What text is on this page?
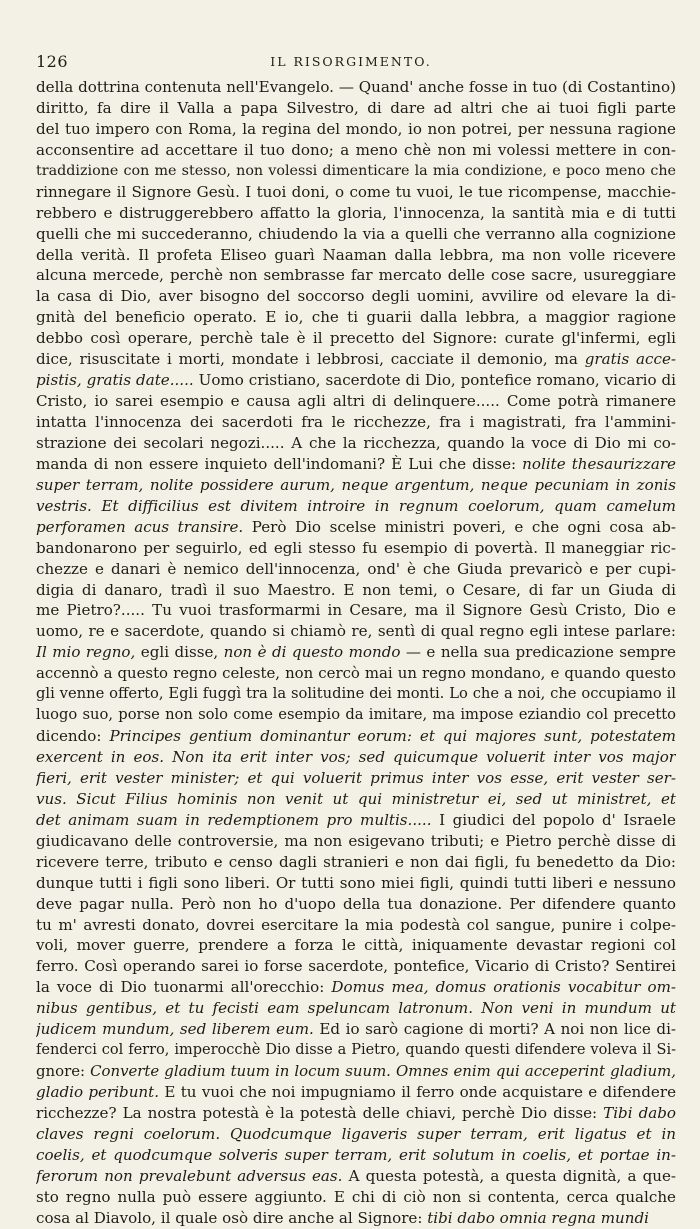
126	IL RISORGIMENTO.
della dottrina contenuta nell'Evangelo. — Quand' anche fosse in tuo (di Costantino)
diritto, fa dire il Valla a papa Silvestro, di dare ad altri che ai tuoi figli parte
del tuo impero con Roma, la regina del mondo, io non potrei, per nessuna ragione
acconsentire ad accettare il tuo dono; a meno chè non mi volessi mettere in con-
traddizione con me stesso, non volessi dimenticare la mia condizione, e poco meno che
rinnegare il Signore Gesù. I tuoi doni, o come tu vuoi, le tue ricompense, macchie-
rebbero e distruggerebbero affatto la gloria, l'innocenza, la santità mia e di tutti
quelli che mi succederanno, chiudendo la via a quelli che verranno alla cognizione
della verità. Il profeta Eliseo guarì Naaman dalla lebbra, ma non volle ricevere
alcuna mercede, perchè non sembrasse far mercato delle cose sacre, usureggiare
la casa di Dio, aver bisogno del soccorso degli uomini, avvilire od elevare la di-
gnità del beneficio operato. E io, che ti guarii dalla lebbra, a maggior ragione
debbo così operare, perchè tale è il precetto del Signore: curate gl'infermi, egli
dice, risuscitate i morti, mondate i lebbrosi, cacciate il demonio, ma gratis acce-
pistis, gratis date..... Uomo cristiano, sacerdote di Dio, pontefice romano, vicario di
Cristo, io sarei esempio e causa agli altri di delinquere..... Come potrà rimanere
intatta l'innocenza dei sacerdoti fra le ricchezze, fra i magistrati, fra l'ammini-
strazione dei secolari negozi..... A che la ricchezza, quando la voce di Dio mi co-
manda di non essere inquieto dell'indomani? È Lui che disse: nolite thesaurizzare
super terram, nolite possidere aurum, neque argentum, neque pecuniam in zonis
vestris. Et difficilius est divitem introire in regnum coelorum, quam camelum
perforamen acus transire. Però Dio scelse ministri poveri, e che ogni cosa ab-
bandonarono per seguirlo, ed egli stesso fu esempio di povertà. Il maneggiar ric-
chezze e danari è nemico dell'innocenza, ond' è che Giuda prevaricò e per cupi-
digia di danaro, tradì il suo Maestro. E non temi, o Cesare, di far un Giuda di
me Pietro?..... Tu vuoi trasformarmi in Cesare, ma il Signore Gesù Cristo, Dio e
uomo, re e sacerdote, quando si chiamò re, sentì di qual regno egli intese parlare:
Il mio regno, egli disse, non è di questo mondo — e nella sua predicazione sempre
accennò a questo regno celeste, non cercò mai un regno mondano, e quando questo
gli venne offerto, Egli fuggì tra la solitudine dei monti. Lo che a noi, che occupiamo il
luogo suo, porse non solo come esempio da imitare, ma impose eziandio col precetto
dicendo: Principes gentium dominantur eorum: et qui majores sunt, potestatem
exercent in eos. Non ita erit inter vos; sed quicumque voluerit inter vos major
fieri, erit vester minister; et qui voluerit primus inter vos esse, erit vester ser-
vus. Sicut Filius hominis non venit ut qui ministretur ei, sed ut ministret, et
det animam suam in redemptionem pro multis..... I giudici del popolo d' Israele
giudicavano delle controversie, ma non esigevano tributi; e Pietro perchè disse di
ricevere terre, tributo e censo dagli stranieri e non dai figli, fu benedetto da Dio:
dunque tutti i figli sono liberi. Or tutti sono miei figli, quindi tutti liberi e nessuno
deve pagar nulla. Però non ho d'uopo della tua donazione. Per difendere quanto
tu m' avresti donato, dovrei esercitare la mia podestà col sangue, punire i colpe-
voli, mover guerre, prendere a forza le città, iniquamente devastar regioni col
ferro. Così operando sarei io forse sacerdote, pontefice, Vicario di Cristo? Sentirei
la voce di Dio tuonarmi all'orecchio: Domus mea, domus orationis vocabitur om-
nibus gentibus, et tu fecisti eam speluncam latronum. Non veni in mundum ut
judicem mundum, sed liberem eum. Ed io sarò cagione di morti? A noi non lice di-
fenderci col ferro, imperocchè Dio disse a Pietro, quando questi difendere voleva il Si-
gnore: Converte gladium tuum in locum suum. Omnes enim qui acceperint gladium,
gladio peribunt. E tu vuoi che noi impugniamo il ferro onde acquistare e difendere
ricchezze? La nostra potestà è la potestà delle chiavi, perchè Dio disse: Tibi dabo
claves regni coelorum. Quodcumque ligaveris super terram, erit ligatus et in
coelis, et quodcumque solveris super terram, erit solutum in coelis, et portae in-
ferorum non prevalebunt adversus eas. A questa potestà, a questa dignità, a que-
sto regno nulla può essere aggiunto. E chi di ciò non si contenta, cerca qualche
cosa al Diavolo, il quale osò dire anche al Signore: tibi dabo omnia regna mundi
